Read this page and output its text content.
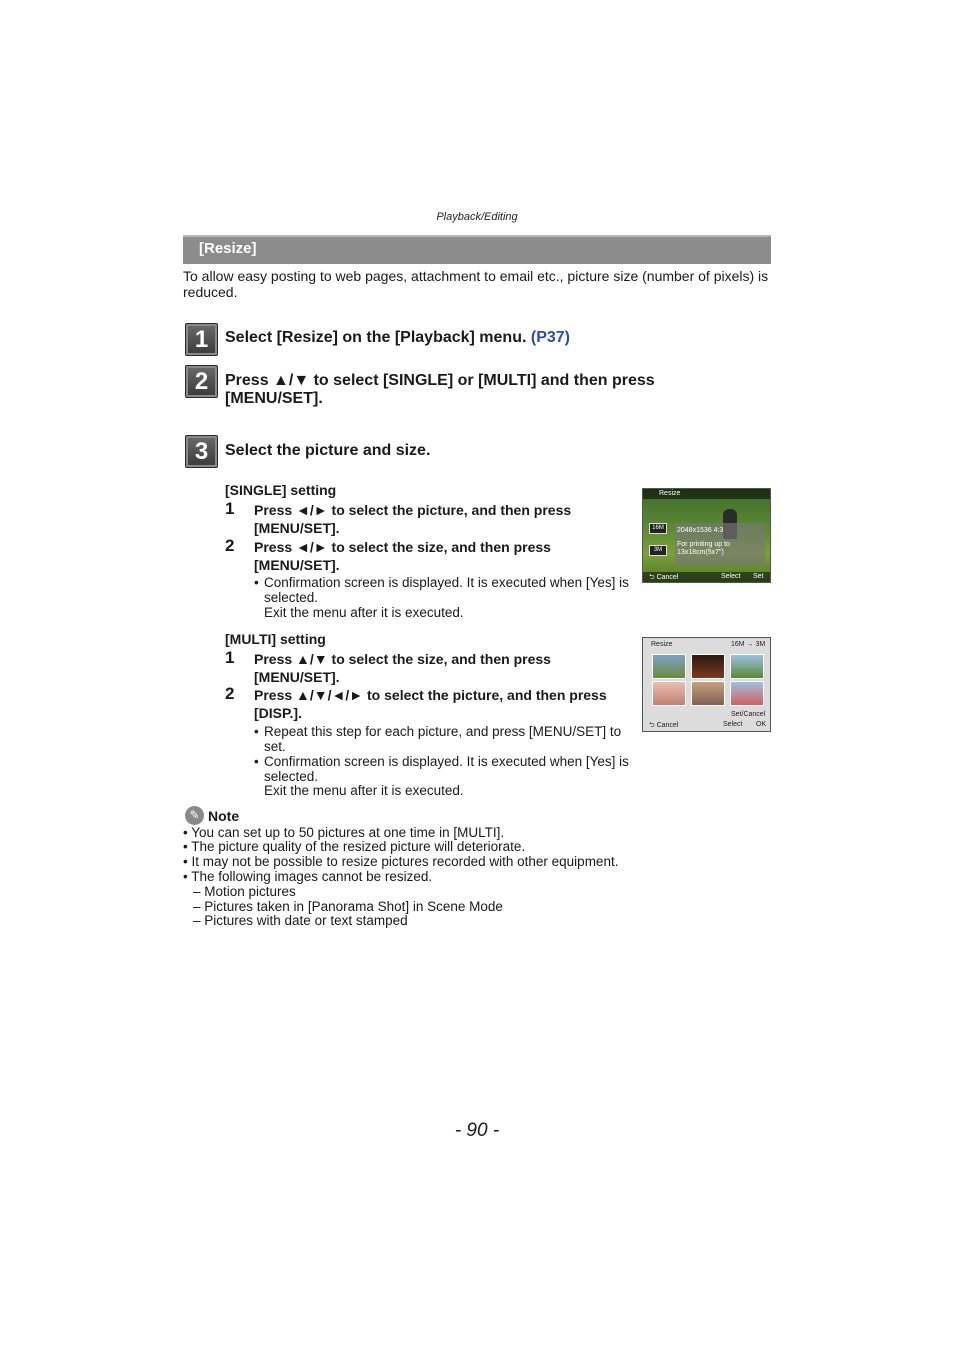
Playback/Editing
[Resize]
To allow easy posting to web pages, attachment to email etc., picture size (number of pixels) is reduced.
1	Select [Resize] on the [Playback] menu. (P37)
2	Press ▲/▼ to select [SINGLE] or [MULTI] and then press [MENU/SET].
3	Select the picture and size.
[SINGLE] setting
1 Press ◄/► to select the picture, and then press [MENU/SET].
2 Press ◄/► to select the size, and then press [MENU/SET].
• Confirmation screen is displayed. It is executed when [Yes] is selected.
Exit the menu after it is executed.
Resize
16M
3M
2048x1536 4:3
For printing up to 13x18cm(5x7")
⮌ Cancel	Select Set
[MULTI] setting
1 Press ▲/▼ to select the size, and then press [MENU/SET].
2 Press ▲/▼/◄/► to select the picture, and then press [DISP.].
• Repeat this step for each picture, and press [MENU/SET] to set.
• Confirmation screen is displayed. It is executed when [Yes] is selected.
Exit the menu after it is executed.
Resize	16M → 3M
Set/Cancel
⮌ Cancel	Select OK
✎ Note
• You can set up to 50 pictures at one time in [MULTI].
• The picture quality of the resized picture will deteriorate.
• It may not be possible to resize pictures recorded with other equipment.
• The following images cannot be resized.
– Motion pictures
– Pictures taken in [Panorama Shot] in Scene Mode
– Pictures with date or text stamped
- 90 -
